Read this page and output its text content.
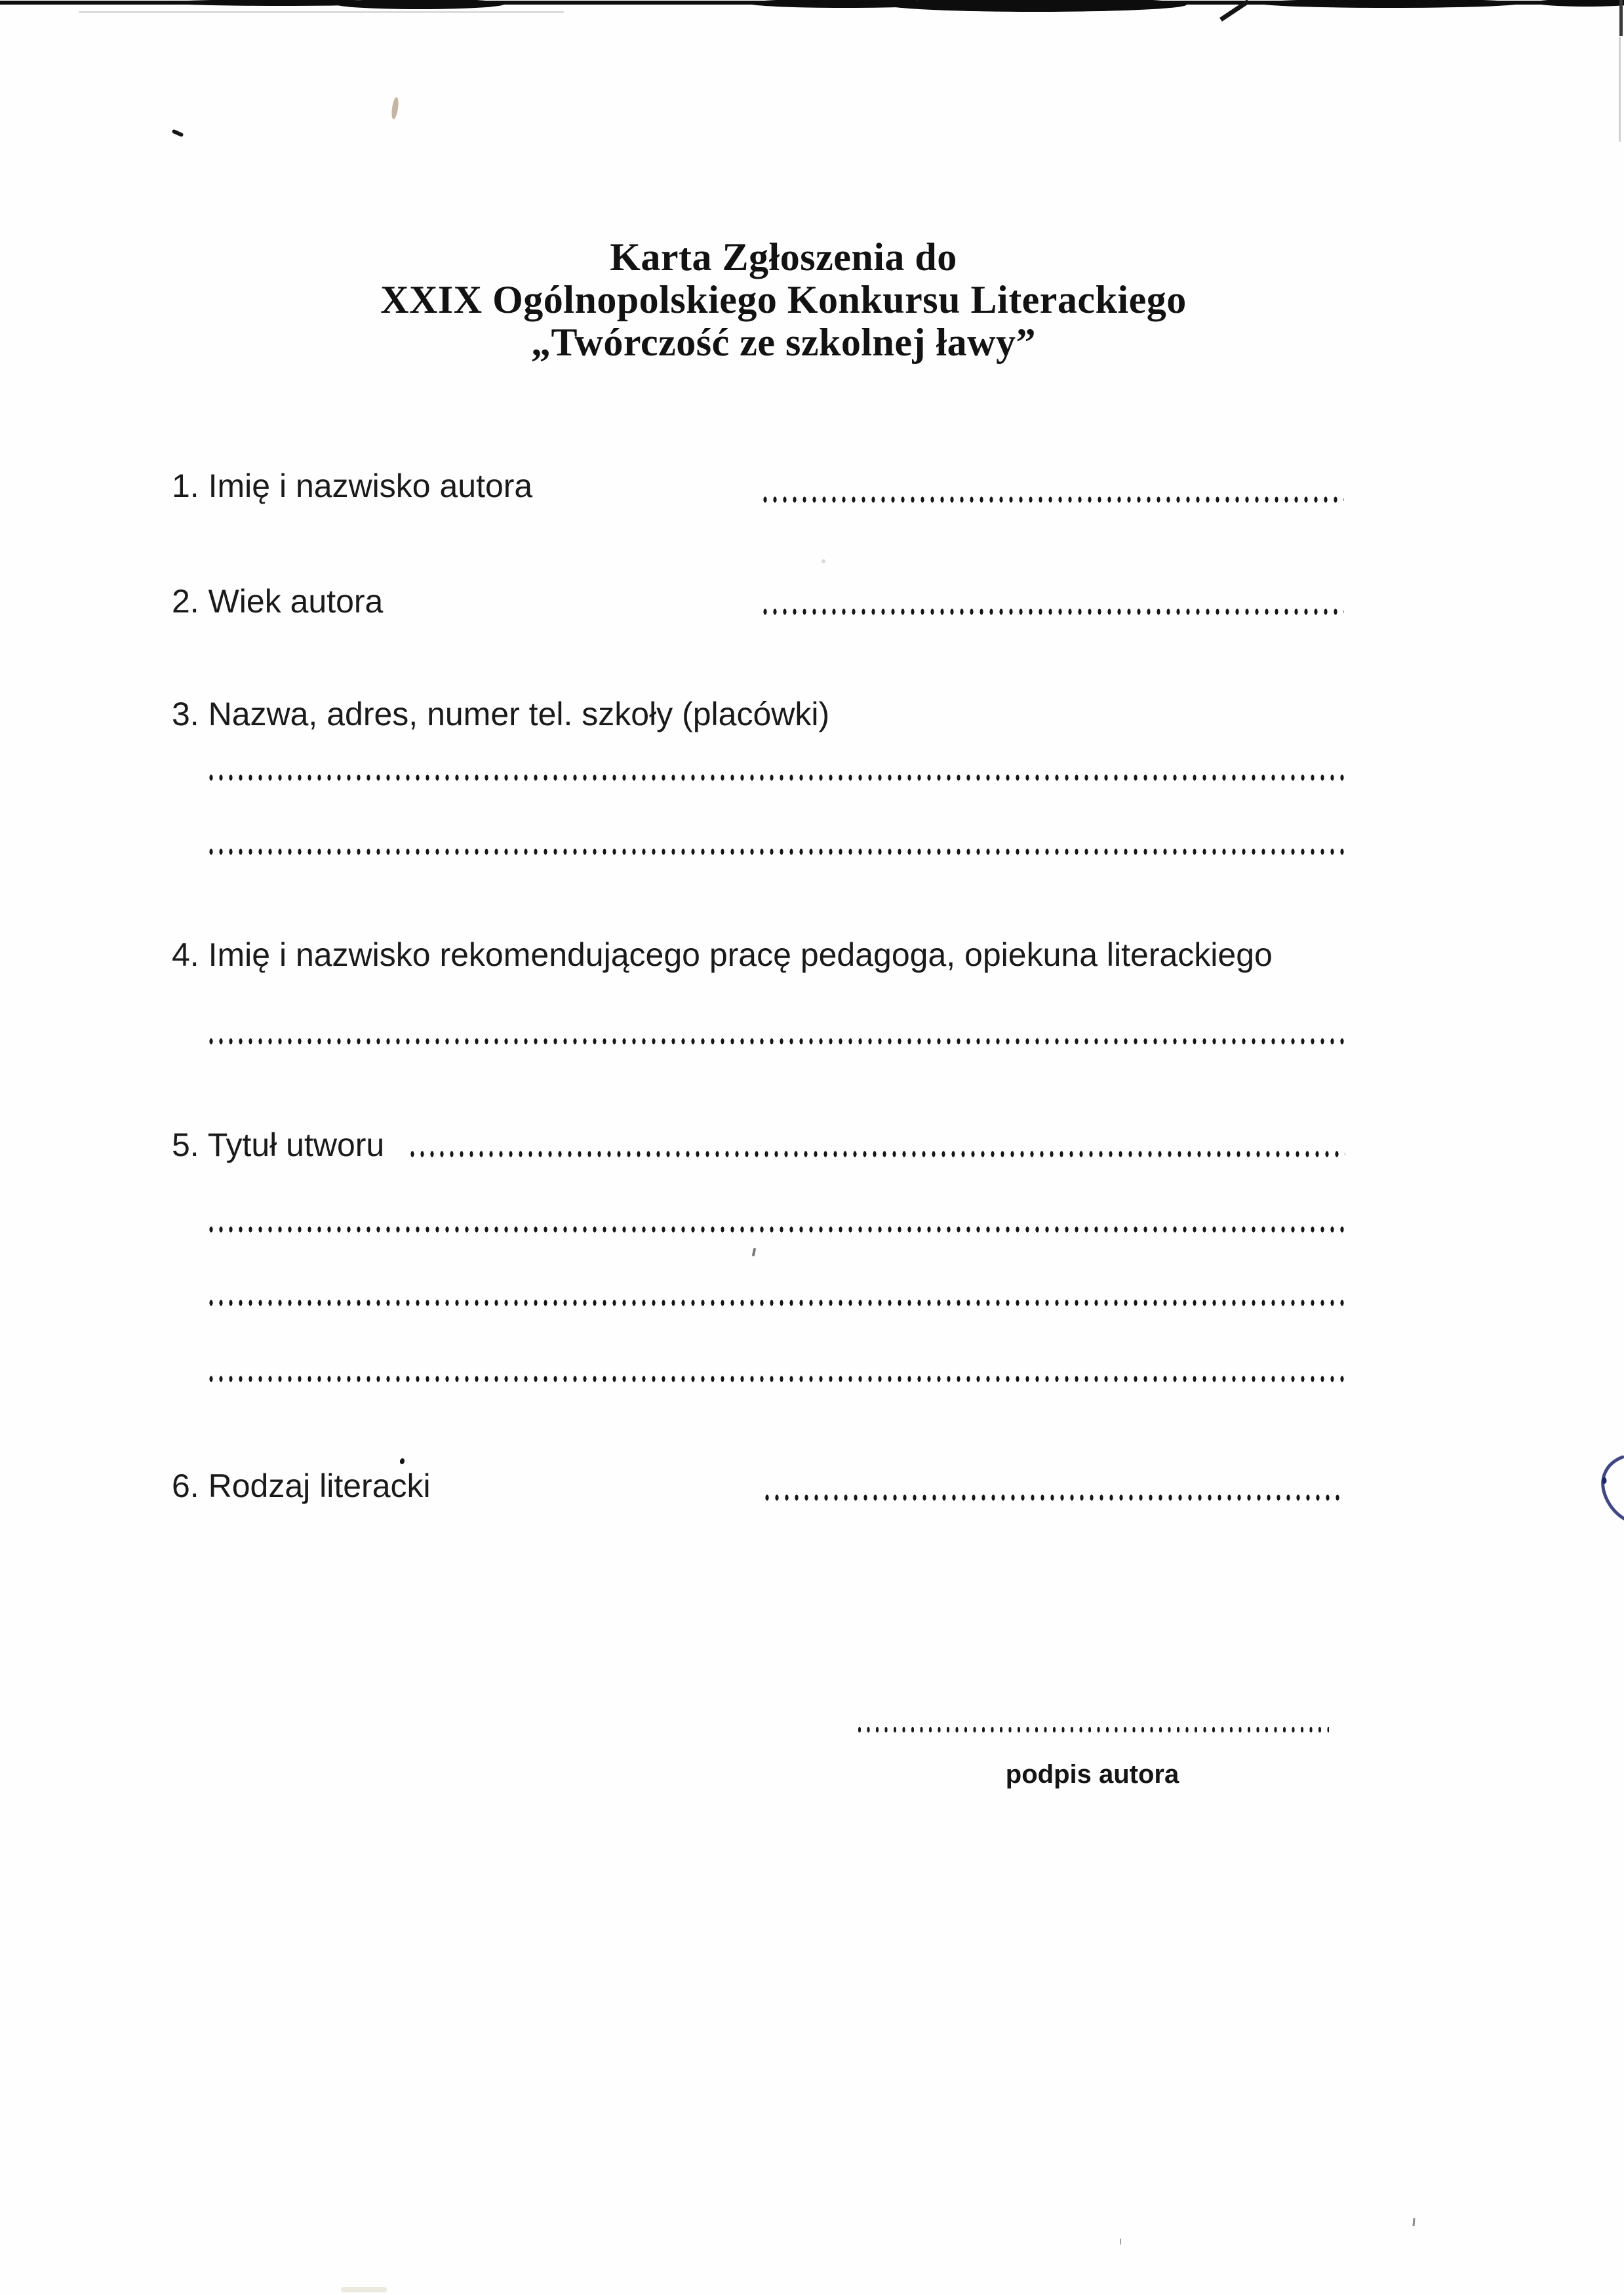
Karta Zgłoszenia do
XXIX Ogólnopolskiego Konkursu Literackiego
„Twórczość ze szkolnej ławy”
1. Imię i nazwisko autora
2. Wiek autora
3. Nazwa, adres, numer tel. szkoły (placówki)
4. Imię i nazwisko rekomendującego pracę pedagoga, opiekuna literackiego
5. Tytuł utworu
6. Rodzaj literacki
podpis autora
